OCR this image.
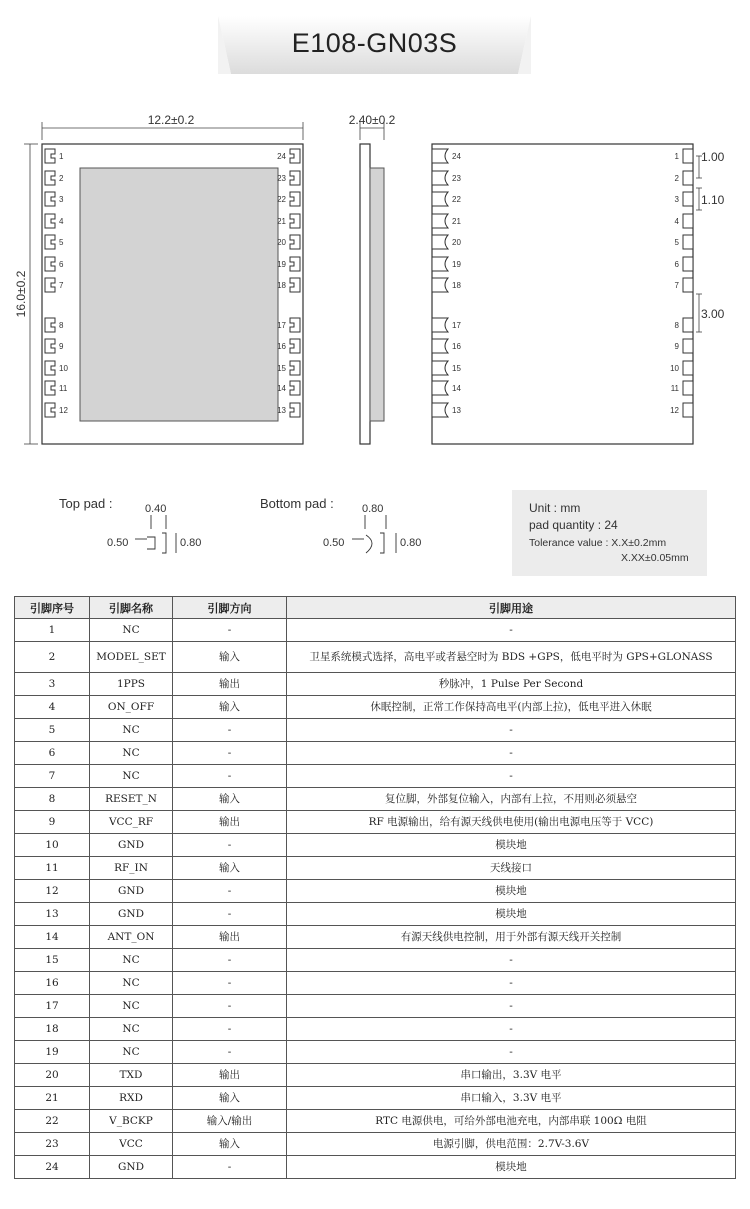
E108-GN03S
12.2±0.2
16.0±0.2
1
2
3
4
5
6
7
8
9
10
11
12
24
23
22
21
20
19
18
17
16
15
14
13
2.40±0.2
24
23
22
21
20
19
18
17
16
15
14
13
1
2
3
4
5
6
7
8
9
10
11
12
1.00
1.10
3.00
Top pad :	Bottom pad :
0.40
0.50	0.80
0.80
0.50	0.80
Unit : mm
pad quantity : 24
Tolerance value : X.X±0.2mm
X.XX±0.05mm
引脚序号	引脚名称	引脚方向	引脚用途
1	NC	-	-
2	MODEL_SET	输入	卫星系统模式选择，高电平或者悬空时为 BDS +GPS，低电平时为 GPS+GLONASS
3	1PPS	输出	秒脉冲，1 Pulse Per Second
4	ON_OFF	输入	休眠控制，正常工作保持高电平(内部上拉)，低电平进入休眠
5	NC	-	-
6	NC	-	-
7	NC	-	-
8	RESET_N	输入	复位脚，外部复位输入，内部有上拉，不用则必须悬空
9	VCC_RF	输出	RF 电源输出，给有源天线供电使用(输出电源电压等于 VCC)
10	GND	-	模块地
11	RF_IN	输入	天线接口
12	GND	-	模块地
13	GND	-	模块地
14	ANT_ON	输出	有源天线供电控制，用于外部有源天线开关控制
15	NC	-	-
16	NC	-	-
17	NC	-	-
18	NC	-	-
19	NC	-	-
20	TXD	输出	串口输出，3.3V 电平
21	RXD	输入	串口输入，3.3V 电平
22	V_BCKP	输入/输出	RTC 电源供电，可给外部电池充电，内部串联 100Ω 电阻
23	VCC	输入	电源引脚，供电范围：2.7V-3.6V
24	GND	-	模块地
